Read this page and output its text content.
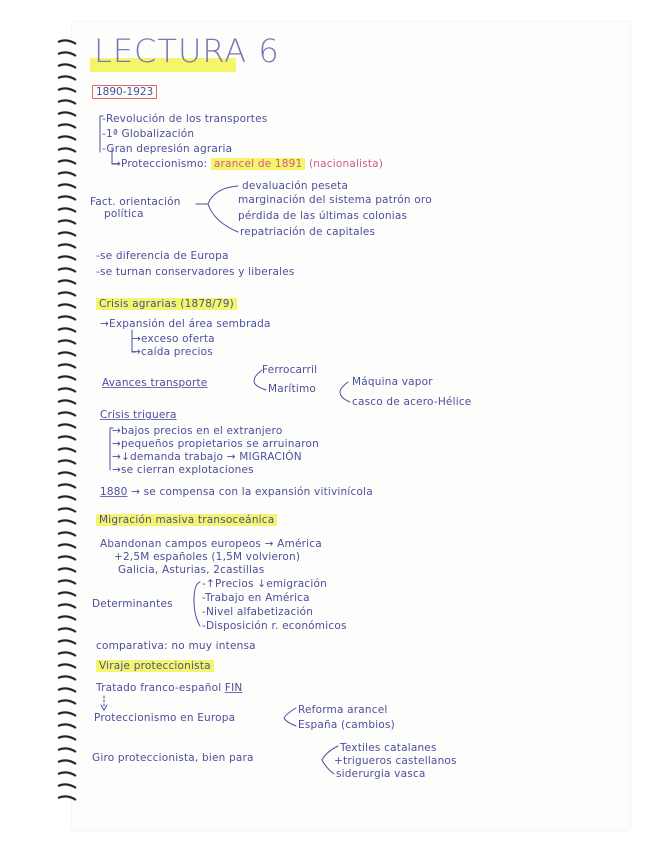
LECTURA 6
1890-1923
-Revolución de los transportes
-1ª Globalización
-Gran depresión agraria
→Proteccionismo: arancel de 1891 (nacionalista)
Fact. orientación
política
devaluación peseta
marginación del sistema patrón oro
pérdida de las últimas colonias
repatriación de capitales
-se diferencia de Europa
-se turnan conservadores y liberales
Crisis agrarias (1878/79)
→Expansión del área sembrada
→exceso oferta
→caída precios
Avances transporte
Ferrocarril
Marítimo
Máquina vapor
casco de acero-Hélice
Crisis triguera
→bajos precios en el extranjero
→pequeños propietarios se arruinaron
→↓demanda trabajo → MIGRACIÓN
→se cierran explotaciones
1880 → se compensa con la expansión vitivinícola
Migración masiva transoceánica
Abandonan campos europeos → América
+2,5M españoles (1,5M volvieron)
Galicia, Asturias, 2castillas
Determinantes
-↑Precios ↓emigración
-Trabajo en América
-Nivel alfabetización
-Disposición r. económicos
comparativa: no muy intensa
Viraje proteccionista
Tratado franco-español FIN
Proteccionismo en Europa
Reforma arancel
España (cambios)
Giro proteccionista, bien para
Textiles catalanes
+trigueros castellanos
siderurgia vasca
